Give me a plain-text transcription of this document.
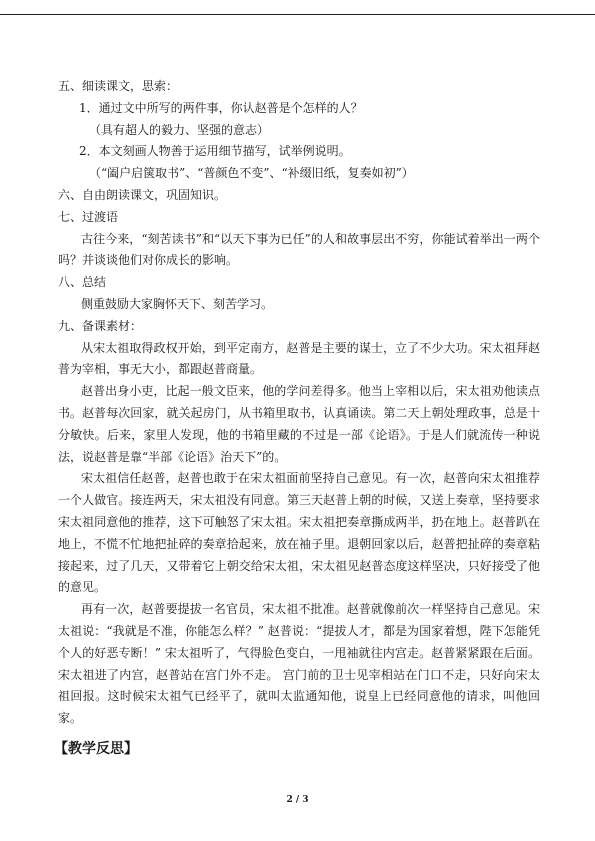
五、细读课文，思索：
1．通过文中所写的两件事，你认赵普是个怎样的人？
（具有超人的毅力、坚强的意志）
2．本文刻画人物善于运用细节描写，试举例说明。
（“阖户启箧取书”、“普颜色不变”、“补缀旧纸，复奏如初”）
六、自由朗读课文，巩固知识。
七、过渡语

古往今来，“刻苦读书”和“以天下事为已任”的人和故事层出不穷，你能试着举出一两个吗？并谈谈他们对你成长的影响。

八、总结

侧重鼓励大家胸怀天下、刻苦学习。

九、备课素材：

从宋太祖取得政权开始，到平定南方，赵普是主要的谋士，立了不少大功。宋太祖拜赵普为宰相，事无大小，都跟赵普商量。

赵普出身小吏，比起一般文臣来，他的学问差得多。他当上宰相以后，宋太祖劝他读点书。赵普每次回家，就关起房门，从书箱里取书，认真诵读。第二天上朝处理政事，总是十分敏快。后来，家里人发现，他的书箱里藏的不过是一部《论语》。于是人们就流传一种说法，说赵普是靠“半部《论语》治天下”的。

宋太祖信任赵普，赵普也敢于在宋太祖面前坚持自己意见。有一次，赵普向宋太祖推荐一个人做官。接连两天，宋太祖没有同意。第三天赵普上朝的时候，又送上奏章，坚持要求宋太祖同意他的推荐，这下可触怒了宋太祖。宋太祖把奏章撕成两半，扔在地上。赵普趴在地上，不慌不忙地把扯碎的奏章拾起来，放在袖子里。退朝回家以后，赵普把扯碎的奏章粘接起来，过了几天，又带着它上朝交给宋太祖，宋太祖见赵普态度这样坚决，只好接受了他的意见。

再有一次，赵普要提拔一名官员，宋太祖不批准。赵普就像前次一样坚持自己意见。宋太祖说：“我就是不准，你能怎么样？” 赵普说：“提拔人才，都是为国家着想，陛下怎能凭个人的好恶专断！” 宋太祖听了，气得脸色变白，一甩袖就往内宫走。赵普紧紧跟在后面。宋太祖进了内宫，赵普站在宫门外不走。 宫门前的卫士见宰相站在门口不走，只好向宋太祖回报。这时候宋太祖气已经平了，就叫太监通知他，说皇上已经同意他的请求，叫他回家。

【教学反思】
2 / 3
